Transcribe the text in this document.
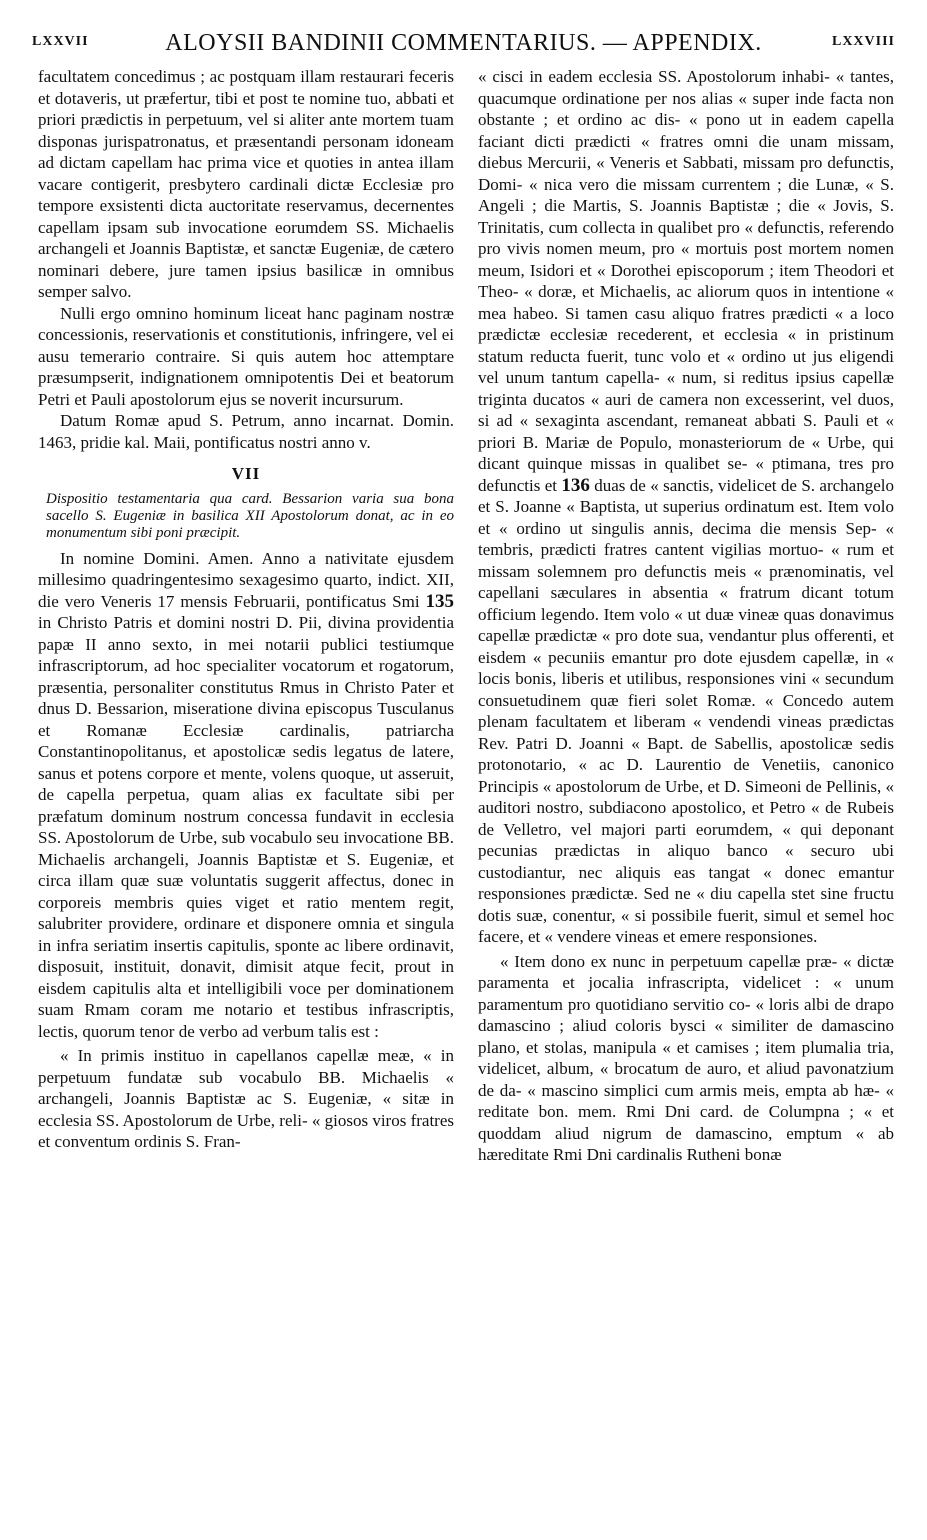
LXXVII	ALOYSII BANDINII COMMENTARIUS. — APPENDIX.	LXXVIII

facultatem concedimus ; ac postquam illam restaurari feceris et dotaveris, ut præfertur, tibi et post te nomine tuo, abbati et priori prædictis in perpetuum, vel si aliter ante mortem tuam disponas jurispatronatus, et præsentandi personam idoneam ad dictam capellam hac prima vice et quoties in antea illam vacare contigerit, presbytero cardinali dictæ Ecclesiæ pro tempore exsistenti dicta auctoritate reservamus, decernentes capellam ipsam sub invocatione eorumdem SS. Michaelis archangeli et Joannis Baptistæ, et sanctæ Eugeniæ, de cætero nominari debere, jure tamen ipsius basilicæ in omnibus semper salvo.

Nulli ergo omnino hominum liceat hanc paginam nostræ concessionis, reservationis et constitutionis, infringere, vel ei ausu temerario contraire. Si quis autem hoc attemptare præsumpserit, indignationem omnipotentis Dei et beatorum Petri et Pauli apostolorum ejus se noverit incursurum.

Datum Romæ apud S. Petrum, anno incarnat. Domin. 1463, pridie kal. Maii, pontificatus nostri anno v.

VII

Dispositio testamentaria qua card. Bessarion varia sua bona sacello S. Eugeniæ in basilica XII Apostolorum donat, ac in eo monumentum sibi poni præcipit.

In nomine Domini. Amen. Anno a nativitate ejusdem millesimo quadringentesimo sexagesimo quarto, indict. XII, die vero Veneris 17 mensis Februarii, pontificatus Smi 135 in Christo Patris et domini nostri D. Pii, divina providentia papæ II anno sexto, in mei notarii publici testiumque infrascriptorum, ad hoc specialiter vocatorum et rogatorum, præsentia, personaliter constitutus Rmus in Christo Pater et dnus D. Bessarion, miseratione divina episcopus Tusculanus et Romanæ Ecclesiæ cardinalis, patriarcha Constantinopolitanus, et apostolicæ sedis legatus de latere, sanus et potens corpore et mente, volens quoque, ut asseruit, de capella perpetua, quam alias ex facultate sibi per præfatum dominum nostrum concessa fundavit in ecclesia SS. Apostolorum de Urbe, sub vocabulo seu invocatione BB. Michaelis archangeli, Joannis Baptistæ et S. Eugeniæ, et circa illam quæ suæ voluntatis suggerit affectus, donec in corporeis membris quies viget et ratio mentem regit, salubriter providere, ordinare et disponere omnia et singula in infra seriatim insertis capitulis, sponte ac libere ordinavit, disposuit, instituit, donavit, dimisit atque fecit, prout in eisdem capitulis alta et intelligibili voce per dominationem suam Rmam coram me notario et testibus infrascriptis, lectis, quorum tenor de verbo ad verbum talis est :

« In primis instituo in capellanos capellæ meæ, « in perpetuum fundatæ sub vocabulo BB. Michaelis « archangeli, Joannis Baptistæ ac S. Eugeniæ, « sitæ in ecclesia SS. Apostolorum de Urbe, reli- « giosos viros fratres et conventum ordinis S. Fran-

« cisci in eadem ecclesia SS. Apostolorum inhabi- « tantes, quacumque ordinatione per nos alias « super inde facta non obstante ; et ordino ac dis- « pono ut in eadem capella faciant dicti prædicti « fratres omni die unam missam, diebus Mercurii, « Veneris et Sabbati, missam pro defunctis, Domi- « nica vero die missam currentem ; die Lunæ, « S. Angeli ; die Martis, S. Joannis Baptistæ ; die « Jovis, S. Trinitatis, cum collecta in qualibet pro « defunctis, referendo pro vivis nomen meum, pro « mortuis post mortem nomen meum, Isidori et « Dorothei episcoporum ; item Theodori et Theo- « doræ, et Michaelis, ac aliorum quos in intentione « mea habeo. Si tamen casu aliquo fratres prædicti « a loco prædictæ ecclesiæ recederent, et ecclesia « in pristinum statum reducta fuerit, tunc volo et « ordino ut jus eligendi vel unum tantum capella- « num, si reditus ipsius capellæ triginta ducatos « auri de camera non excesserint, vel duos, si ad « sexaginta ascendant, remaneat abbati S. Pauli et « priori B. Mariæ de Populo, monasteriorum de « Urbe, qui dicant quinque missas in qualibet se- « ptimana, tres pro defunctis et 136 duas de « sanctis, videlicet de S. archangelo et S. Joanne « Baptista, ut superius ordinatum est. Item volo et « ordino ut singulis annis, decima die mensis Sep- « tembris, prædicti fratres cantent vigilias mortuo- « rum et missam solemnem pro defunctis meis « prænominatis, vel capellani sæculares in absentia « fratrum dicant totum officium legendo. Item volo « ut duæ vineæ quas donavimus capellæ prædictæ « pro dote sua, vendantur plus offerenti, et eisdem « pecuniis emantur pro dote ejusdem capellæ, in « locis bonis, liberis et utilibus, responsiones vini « secundum consuetudinem quæ fieri solet Romæ. « Concedo autem plenam facultatem et liberam « vendendi vineas prædictas Rev. Patri D. Joanni « Bapt. de Sabellis, apostolicæ sedis protonotario, « ac D. Laurentio de Venetiis, canonico Principis « apostolorum de Urbe, et D. Simeoni de Pellinis, « auditori nostro, subdiacono apostolico, et Petro « de Rubeis de Velletro, vel majori parti eorumdem, « qui deponant pecunias prædictas in aliquo banco « securo ubi custodiantur, nec aliquis eas tangat « donec emantur responsiones prædictæ. Sed ne « diu capella stet sine fructu dotis suæ, conentur, « si possibile fuerit, simul et semel hoc facere, et « vendere vineas et emere responsiones.

« Item dono ex nunc in perpetuum capellæ præ- « dictæ paramenta et jocalia infrascripta, videlicet : « unum paramentum pro quotidiano servitio co- « loris albi de drapo damascino ; aliud coloris bysci « similiter de damascino plano, et stolas, manipula « et camises ; item plumalia tria, videlicet, album, « brocatum de auro, et aliud pavonatzium de da- « mascino simplici cum armis meis, empta ab hæ- « reditate bon. mem. Rmi Dni card. de Columpna ; « et quoddam aliud nigrum de damascino, emptum « ab hæreditate Rmi Dni cardinalis Rutheni bonæ
